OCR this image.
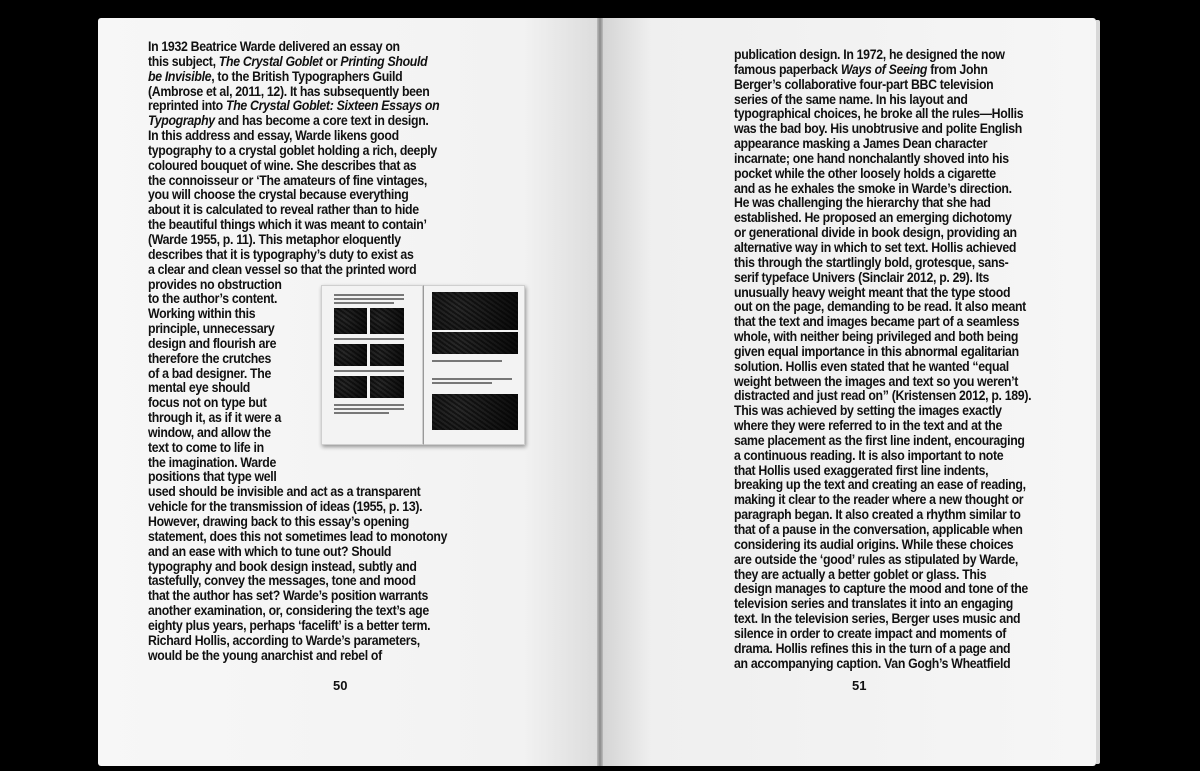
In 1932 Beatrice Warde delivered an essay on

this subject, The Crystal Goblet or Printing Should

be Invisible, to the British Typographers Guild

(Ambrose et al, 2011, 12). It has subsequently been

reprinted into The Crystal Goblet: Sixteen Essays on

Typography and has become a core text in design.

In this address and essay, Warde likens good

typography to a crystal goblet holding a rich, deeply

coloured bouquet of wine. She describes that as

the connoisseur or ‘The amateurs of fine vintages,

you will choose the crystal because everything

about it is calculated to reveal rather than to hide

the beautiful things which it was meant to contain’

(Warde 1955, p. 11). This metaphor eloquently

describes that it is typography’s duty to exist as

a clear and clean vessel so that the printed word

provides no obstruction

to the author’s content.

Working within this

principle, unnecessary

design and flourish are

therefore the crutches

of a bad designer. The

mental eye should

focus not on type but

through it, as if it were a

window, and allow the

text to come to life in

the imagination. Warde

positions that type well

used should be invisible and act as a transparent

vehicle for the transmission of ideas (1955, p. 13).

However, drawing back to this essay’s opening

statement, does this not sometimes lead to monotony

and an ease with which to tune out? Should

typography and book design instead, subtly and

tastefully, convey the messages, tone and mood

that the author has set? Warde’s position warrants

another examination, or, considering the text’s age

eighty plus years, perhaps ‘facelift’ is a better term.

Richard Hollis, according to Warde’s parameters,

would be the young anarchist and rebel of

publication design. In 1972, he designed the now

famous paperback Ways of Seeing from John

Berger’s collaborative four-part BBC television

series of the same name. In his layout and

typographical choices, he broke all the rules—Hollis

was the bad boy. His unobtrusive and polite English

appearance masking a James Dean character

incarnate; one hand nonchalantly shoved into his

pocket while the other loosely holds a cigarette

and as he exhales the smoke in Warde’s direction.

He was challenging the hierarchy that she had

established. He proposed an emerging dichotomy

or generational divide in book design, providing an

alternative way in which to set text. Hollis achieved

this through the startlingly bold, grotesque, sans-

serif typeface Univers (Sinclair 2012, p. 29). Its

unusually heavy weight meant that the type stood

out on the page, demanding to be read. It also meant

that the text and images became part of a seamless

whole, with neither being privileged and both being

given equal importance in this abnormal egalitarian

solution. Hollis even stated that he wanted “equal

weight between the images and text so you weren’t

distracted and just read on” (Kristensen 2012, p. 189).

This was achieved by setting the images exactly

where they were referred to in the text and at the

same placement as the first line indent, encouraging

a continuous reading. It is also important to note

that Hollis used exaggerated first line indents,

breaking up the text and creating an ease of reading,

making it clear to the reader where a new thought or

paragraph began. It also created a rhythm similar to

that of a pause in the conversation, applicable when

considering its audial origins. While these choices

are outside the ‘good’ rules as stipulated by Warde,

they are actually a better goblet or glass. This

design manages to capture the mood and tone of the

television series and translates it into an engaging

text. In the television series, Berger uses music and

silence in order to create impact and moments of

drama. Hollis refines this in the turn of a page and

an accompanying caption. Van Gogh’s Wheatfield

50	51
